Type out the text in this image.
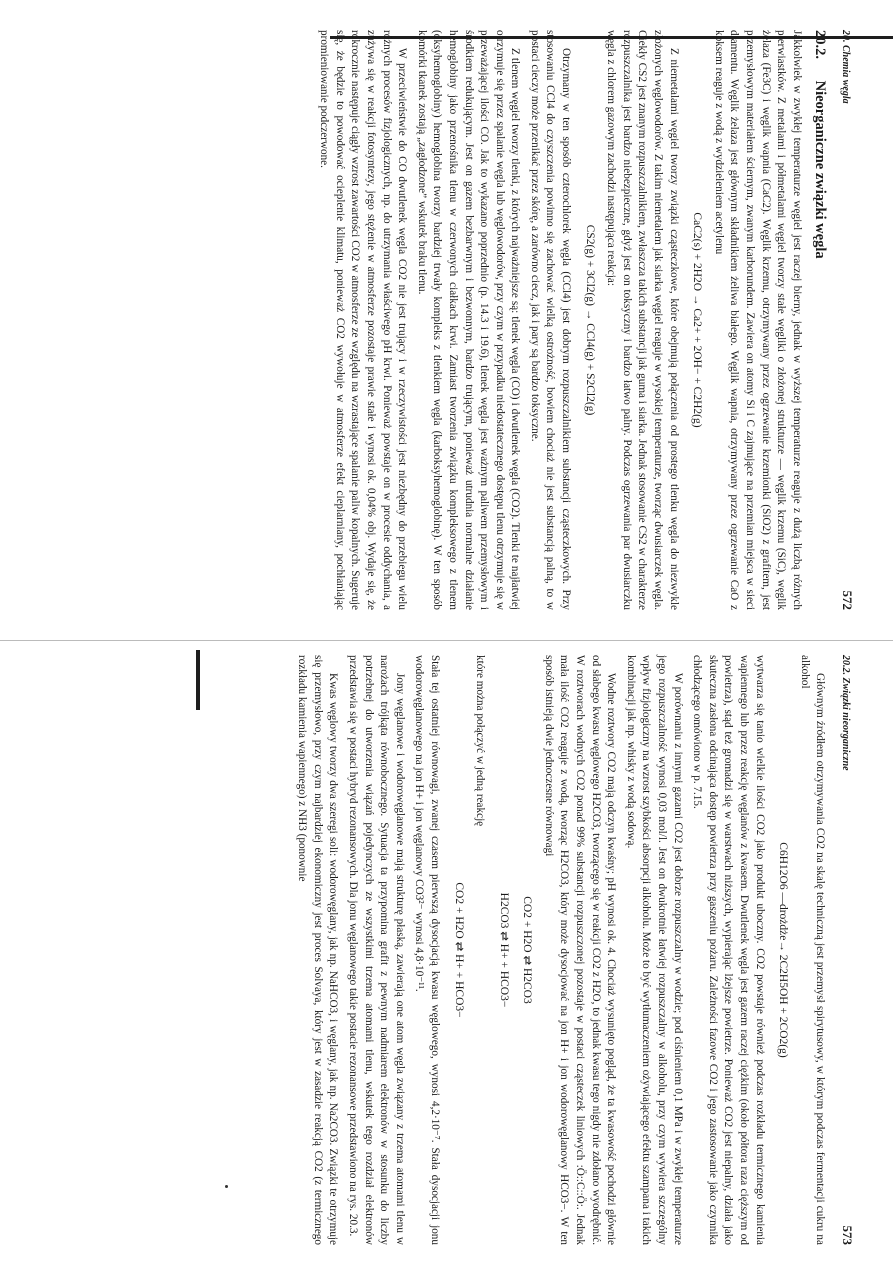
20. Chemia węgla
572
20.2. Nieorganiczne związki węgla

Jakkolwiek w zwykłej temperaturze węgiel jest raczej bierny, jednak w wyższej temperaturze reaguje z dużą liczbą różnych pierwiastków. Z metalami i półmetalami węgiel tworzy stałe węgliki o złożonej strukturze — węglik krzemu (SiC), węglik żelaza (Fe3C) i węglik wapnia (CaC2). Węglik krzemu, otrzymywany przez ogrzewanie krzemionki (SiO2) z grafitem, jest przemysłowym materiałem ściernym, zwanym karborundem. Zawiera on atomy Si i C zajmujące na przemian miejsca w sieci diamentu. Węglik żelaza jest głównym składnikiem żeliwa białego. Węglik wapnia, otrzymywany przez ogrzewanie CaO z koksem reaguje z wodą z wydzieleniem acetylenu

CaC2(s) + 2H2O → Ca2+ + 2OH− + C2H2(g)

Z niemetalami węgiel tworzy związki cząsteczkowe, które obejmują połączenia od prostego tlenku węgla do niezwykle złożonych węglowodorów. Z takim niemetalem jak siarka węgiel reaguje w wysokiej temperaturze, tworząc dwusiarczek węgla. Ciekły CS2 jest znanym rozpuszczalnikiem, zwłaszcza takich substancji jak guma i siarka. Jednak stosowanie CS2 w charakterze rozpuszczalnika jest bardzo niebezpieczne, gdyż jest on toksyczny i bardzo łatwo palny. Podczas ogrzewania par dwusiarczku węgla z chlorem gazowym zachodzi następująca reakcja:

CS2(g) + 3Cl2(g) → CCl4(g) + S2Cl2(g)

Otrzymany w ten sposób czterochlorek węgla (CCl4) jest dobrym rozpuszczalnikiem substancji cząsteczkowych. Przy stosowaniu CCl4 do czyszczenia powinno się zachować wielką ostrożność, bowiem chociaż nie jest substancją palną, to w postaci cieczy może przenikać przez skórę, a zarówno ciecz, jak i pary są bardzo toksyczne.

Z tlenem węgiel tworzy tlenki, z których najważniejsze są: tlenek węgla (CO) i dwutlenek węgla (CO2). Tlenki te najłatwiej otrzymuje się przez spalanie węgla lub węglowodorów, przy czym w przypadku niedostatecznego dostępu tlenu otrzymuje się w przeważającej ilości CO. Jak to wykazano poprzednio (p. 14.3 i 19.6), tlenek węgla jest ważnym paliwem przemysłowym i środkiem redukującym. Jest on gazem bezbarwnym i bezwonnym, bardzo trującym, ponieważ utrudnia normalne działanie hemoglobiny jako przenośnika tlenu w czerwonych ciałkach krwi. Zamiast tworzenia związku kompleksowego z tlenem (oksyhemoglobiny) hemoglobina tworzy bardziej trwały kompleks z tlenkiem węgla (karboksyhemoglobinę). W ten sposób komórki tkanek zostają „zagłodzone” wskutek braku tlenu.

W przeciwieństwie do CO dwutlenek węgla CO2 nie jest trujący i w rzeczywistości jest niezbędny do przebiegu wielu różnych procesów fizjologicznych, np. do utrzymania właściwego pH krwi. Ponieważ powstaje on w procesie oddychania, a zużywa się w reakcji fotosyntezy, jego stężenie w atmosferze pozostaje prawie stałe i wynosi ok. 0,04% obj. Wydaje się, że rokrocznie następuje ciągły wzrost zawartości CO2 w atmosferze ze względu na wzrastające spalanie paliw kopalnych. Sugeruje się, że będzie to powodować ocieplenie klimatu, ponieważ CO2 wywołuje w atmosferze efekt cieplarniany, pochłaniając promieniowanie podczerwone.

20.2. Związki nieorganiczne
573

Głównym źródłem otrzymywania CO2 na skalę techniczną jest przemysł spirytusowy, w którym podczas fermentacji cukru na alkohol

C6H12O6 —drożdże→ 2C2H5OH + 2CO2(g)

wytwarza się tanio wielkie ilości CO2 jako produkt uboczny. CO2 powstaje również podczas rozkładu termicznego kamienia wapiennego lub przez reakcję węglanów z kwasem. Dwutlenek węgla jest gazem raczej ciężkim (około półtora raza cięższym od powietrza), stąd też gromadzi się w warstwach niższych, wypierając lżejsze powietrze. Ponieważ CO2 jest niepalny, działa jako skuteczna zasłona odcinająca dostęp powietrza przy gaszeniu pożaru. Zależności fazowe CO2 i jego zastosowanie jako czynnika chłodzącego omówiono w p. 7.15.

W porównaniu z innymi gazami CO2 jest dobrze rozpuszczalny w wodzie; pod ciśnieniem 0,1 MPa i w zwykłej temperaturze jego rozpuszczalność wynosi 0,03 mol/l. Jest on dwukrotnie łatwiej rozpuszczalny w alkoholu, przy czym wywiera szczególny wpływ fizjologiczny na wzrost szybkości absorpcji alkoholu. Może to być wytłumaczeniem ożywiającego efektu szampana i takich kombinacji jak np. whisky z wodą sodową.

Wodne roztwory CO2 mają odczyn kwaśny; pH wynosi ok. 4. Chociaż wysunięto pogląd, że ta kwasowość pochodzi głównie od słabego kwasu węglowego H2CO3, tworzącego się w reakcji CO2 z H2O, to jednak kwasu tego nigdy nie zdołano wyodrębnić. W roztworach wodnych CO2 ponad 99% substancji rozpuszczonej pozostaje w postaci cząsteczek liniowych :Ö::C::Ö:. Jednak mała ilość CO2 reaguje z wodą, tworząc H2CO3, który może dysocjować na jon H+ i jon wodorowęglanowy HCO3−. W ten sposób istnieją dwie jednoczesne równowagi

CO2 + H2O ⇄ H2CO3
H2CO3 ⇄ H+ + HCO3−

które można połączyć w jedną reakcję

CO2 + H2O ⇄ H+ + HCO3−

Stała tej ostatniej równowagi, zwanej czasem pierwszą dysocjacją kwasu węglowego, wynosi 4,2·10⁻⁷. Stała dysocjacji jonu wodorowęglanowego na jon H+ i jon węglanowy CO3²⁻ wynosi 4,8·10⁻¹¹.

Jony węglanowe i wodorowęglanowe mają strukturę płaską, zawierają one atom węgla związany z trzema atomami tlenu w narożach trójkąta równobocznego. Sytuacja ta przypomina grafit z pewnym nadmiarem elektronów w stosunku do liczby potrzebnej do utworzenia wiązań pojedynczych ze wszystkimi trzema atomami tlenu, wskutek tego rozdział elektronów przedstawia się w postaci hybryd rezonansowych. Dla jonu węglanowego takie postacie rezonansowe przedstawiono na rys. 20.3.

Kwas węglowy tworzy dwa szeregi soli: wodorowęglany, jak np. NaHCO3, i węglany, jak np. Na2CO3. Związki te otrzymuje się przemysłowo, przy czym najbardziej ekonomiczny jest proces Solvaya, który jest w zasadzie reakcją CO2 (z termicznego rozkładu kamienia wapiennego) z NH3 (ponownie
